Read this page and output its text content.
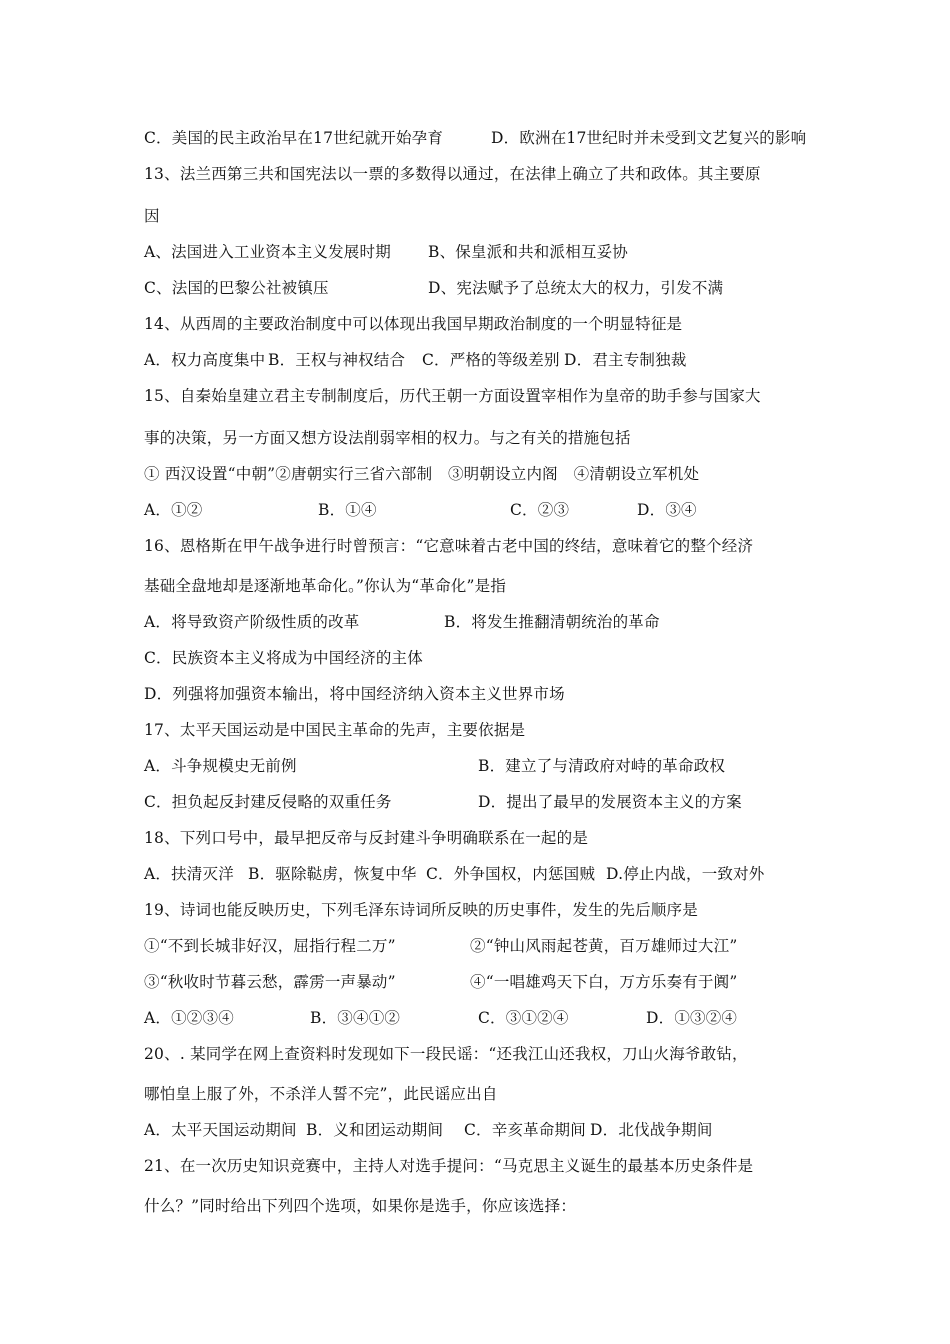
C．美国的民主政治早在17世纪就开始孕育

	D．欧洲在17世纪时并未受到文艺复兴的影响

13、法兰西第三共和国宪法以一票的多数得以通过，在法律上确立了共和政体。其主要原
因

A、法国进入工业资本主义发展时期

B、保皇派和共和派相互妥协

C、法国的巴黎公社被镇压

	D、宪法赋予了总统太大的权力，引发不满

14、从西周的主要政治制度中可以体现出我国早期政治制度的一个明显特征是

A．权力高度集中

B．王权与神权结合

C．严格的等级差别

D．君主专制独裁

15、自秦始皇建立君主专制制度后，历代王朝一方面设置宰相作为皇帝的助手参与国家大
事的决策，另一方面又想方设法削弱宰相的权力。与之有关的措施包括
① 西汉设置“中朝”②唐朝实行三省六部制　③明朝设立内阁　④清朝设立军机处

A．①②

	B．①④

	C．②③

	D．③④

16、恩格斯在甲午战争进行时曾预言：“它意味着古老中国的终结，意味着它的整个经济
基础全盘地却是逐渐地革命化。”你认为“革命化”是指

A．将导致资产阶级性质的改革

	B．将发生推翻清朝统治的革命

C．民族资本主义将成为中国经济的主体
D．列强将加强资本输出，将中国经济纳入资本主义世界市场
17、太平天国运动是中国民主革命的先声，主要依据是

A．斗争规模史无前例

	B．建立了与清政府对峙的革命政权

C．担负起反封建反侵略的双重任务

	D．提出了最早的发展资本主义的方案

18、下列口号中，最早把反帝与反封建斗争明确联系在一起的是

A．扶清灭洋

B．驱除鞑虏，恢复中华

C．外争国权，内惩国贼

D.停止内战，一致对外

19、诗词也能反映历史，下列毛泽东诗词所反映的历史事件，发生的先后顺序是

①“不到长城非好汉，屈指行程二万”

	②“钟山风雨起苍黄，百万雄师过大江”

③“秋收时节暮云愁，霹雳一声暴动”

	④“一唱雄鸡天下白，万方乐奏有于阗”

A．①②③④

	B．③④①②

	C．③①②④

	D．①③②④

20、. 某同学在网上查资料时发现如下一段民谣：“还我江山还我权，刀山火海爷敢钻，
哪怕皇上服了外，不杀洋人誓不完”，此民谣应出自

A．太平天国运动期间

B．义和团运动期间

C．辛亥革命期间

D．北伐战争期间

21、在一次历史知识竞赛中，主持人对选手提问：“马克思主义诞生的最基本历史条件是
什么？”同时给出下列四个选项，如果你是选手，你应该选择：
